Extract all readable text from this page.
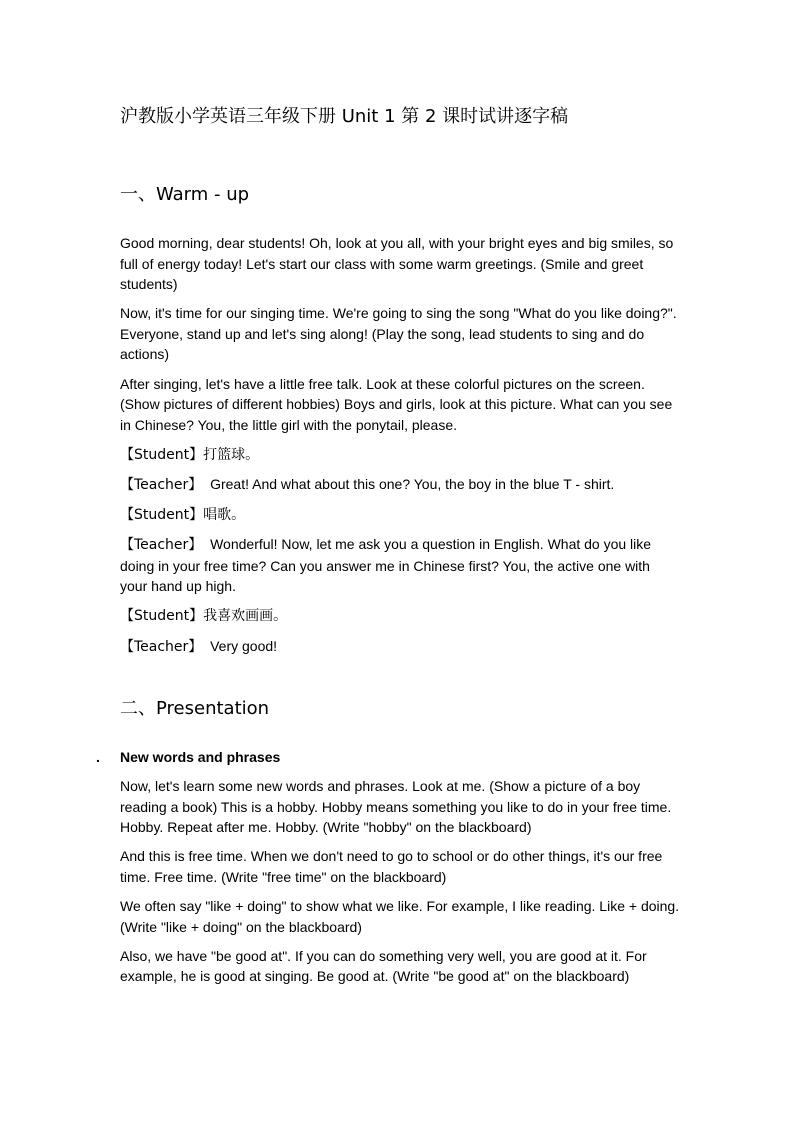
沪教版小学英语三年级下册 Unit 1 第 2 课时试讲逐字稿
一、Warm - up

Good morning, dear students! Oh, look at you all, with your bright eyes and big smiles, so full of energy today! Let's start our class with some warm greetings. (Smile and greet students)

Now, it's time for our singing time. We're going to sing the song "What do you like doing?". Everyone, stand up and let's sing along! (Play the song, lead students to sing and do actions)

After singing, let's have a little free talk. Look at these colorful pictures on the screen. (Show pictures of different hobbies) Boys and girls, look at this picture. What can you see in Chinese? You, the little girl with the ponytail, please.

【Student】打篮球。
【Teacher】  Great! And what about this one? You, the boy in the blue T - shirt.
【Student】唱歌。
【Teacher】  Wonderful! Now, let me ask you a question in English. What do you like doing in your free time? Can you answer me in Chinese first? You, the active one with your hand up high.
【Student】我喜欢画画。
【Teacher】  Very good!
二、Presentation
. New words and phrases

Now, let's learn some new words and phrases. Look at me. (Show a picture of a boy reading a book) This is a hobby. Hobby means something you like to do in your free time. Hobby. Repeat after me. Hobby. (Write "hobby" on the blackboard)

And this is free time. When we don't need to go to school or do other things, it's our free time. Free time. (Write "free time" on the blackboard)

We often say "like + doing" to show what we like. For example, I like reading. Like + doing. (Write "like + doing" on the blackboard)

Also, we have "be good at". If you can do something very well, you are good at it. For example, he is good at singing. Be good at. (Write "be good at" on the blackboard)
